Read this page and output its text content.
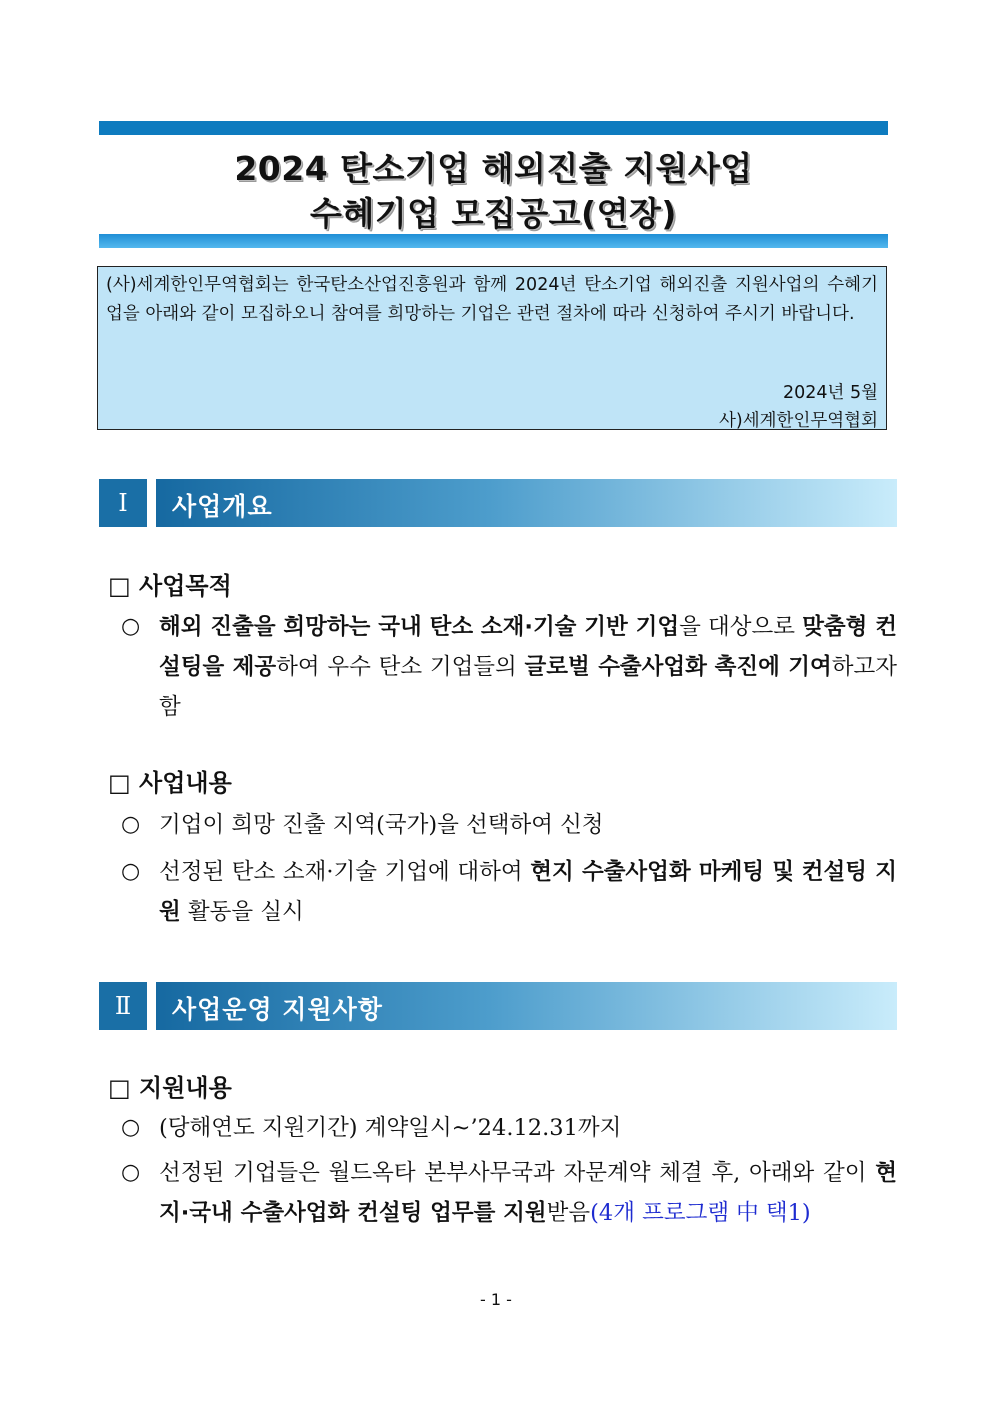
2024 탄소기업 해외진출 지원사업
수혜기업 모집공고(연장)
(사)세계한인무역협회는 한국탄소산업진흥원과 함께 2024년 탄소기업 해외진출 지원사업의 수혜기업을 아래와 같이 모집하오니 참여를 희망하는 기업은 관련 절차에 따라 신청하여 주시기 바랍니다.
2024년 5월
사)세계한인무역협회
Ⅰ	사업개요
□ 사업목적
○ 해외 진출을 희망하는 국내 탄소 소재·기술 기반 기업을 대상으로 맞춤형 컨설팅을 제공하여 우수 탄소 기업들의 글로벌 수출사업화 촉진에 기여하고자 함
□ 사업내용
○ 기업이 희망 진출 지역(국가)을 선택하여 신청
○ 선정된 탄소 소재·기술 기업에 대하여 현지 수출사업화 마케팅 및 컨설팅 지원 활동을 실시
Ⅱ	사업운영 지원사항
□ 지원내용
○ (당해연도 지원기간) 계약일시~’24.12.31까지
○ 선정된 기업들은 월드옥타 본부사무국과 자문계약 체결 후, 아래와 같이 현지·국내 수출사업화 컨설팅 업무를 지원받음(4개 프로그램 中 택1)
- 1 -
